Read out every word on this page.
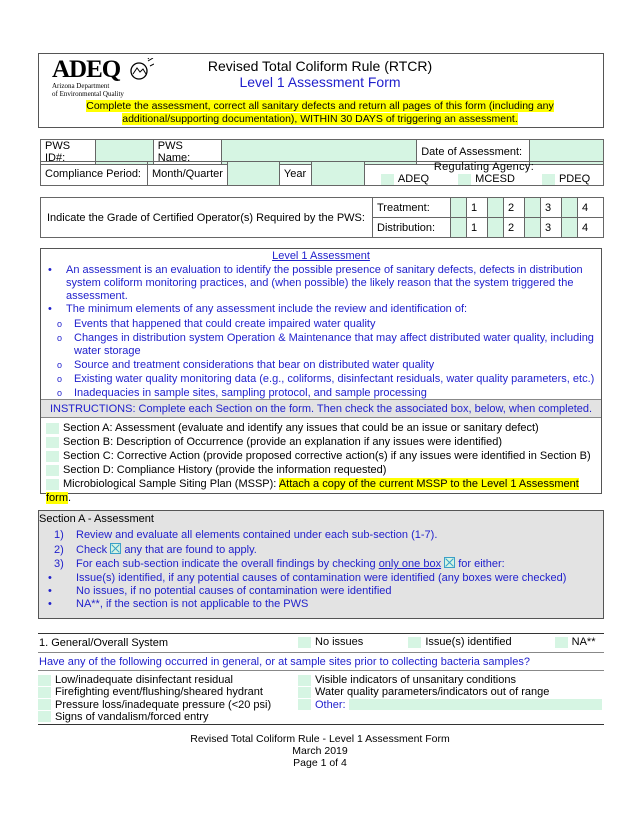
ADEQ
Arizona Department
of Environmental Quality
Revised Total Coliform Rule (RTCR)
Level 1 Assessment Form
Complete the assessment, correct all sanitary defects and return all pages of this form (including any additional/supporting documentation), WITHIN 30 DAYS of triggering an assessment.
PWS ID#:		PWS Name:		Date of Assessment:	
Compliance Period:	Month/Quarter		Year		
Regulating Agency:
ADEQ	MCESD	PDEQ
Indicate the Grade of Certified Operator(s) Required by the PWS:	Treatment:		1		2		3		4
	Distribution:		1		2		3		4
Level 1 Assessment
• An assessment is an evaluation to identify the possible presence of sanitary defects, defects in distribution system coliform monitoring practices, and (when possible) the likely reason that the system triggered the assessment.
• The minimum elements of any assessment include the review and identification of:
o Events that happened that could create impaired water quality
o Changes in distribution system Operation & Maintenance that may affect distributed water quality, including water storage
o Source and treatment considerations that bear on distributed water quality
o Existing water quality monitoring data (e.g., coliforms, disinfectant residuals, water quality parameters, etc.)
o Inadequacies in sample sites, sampling protocol, and sample processing
INSTRUCTIONS: Complete each Section on the form. Then check the associated box, below, when completed.
Section A: Assessment (evaluate and identify any issues that could be an issue or sanitary defect)
Section B: Description of Occurrence (provide an explanation if any issues were identified)
Section C: Corrective Action (provide proposed corrective action(s) if any issues were identified in Section B)
Section D: Compliance History (provide the information requested)
Microbiological Sample Siting Plan (MSSP): Attach a copy of the current MSSP to the Level 1 Assessment form.
Section A - Assessment
1) Review and evaluate all elements contained under each sub-section (1-7).
2) Check any that are found to apply.
3) For each sub-section indicate the overall findings by checking only one box for either:
• Issue(s) identified, if any potential causes of contamination were identified (any boxes were checked)
• No issues, if no potential causes of contamination were identified
• NA**, if the section is not applicable to the PWS
1. General/Overall System	No issues	Issue(s) identified	NA**
Have any of the following occurred in general, or at sample sites prior to collecting bacteria samples?
Low/inadequate disinfectant residual
Firefighting event/flushing/sheared hydrant
Pressure loss/inadequate pressure (<20 psi)
Signs of vandalism/forced entry
Visible indicators of unsanitary conditions
Water quality parameters/indicators out of range
Other:
Revised Total Coliform Rule - Level 1 Assessment Form
March 2019
Page 1 of 4
